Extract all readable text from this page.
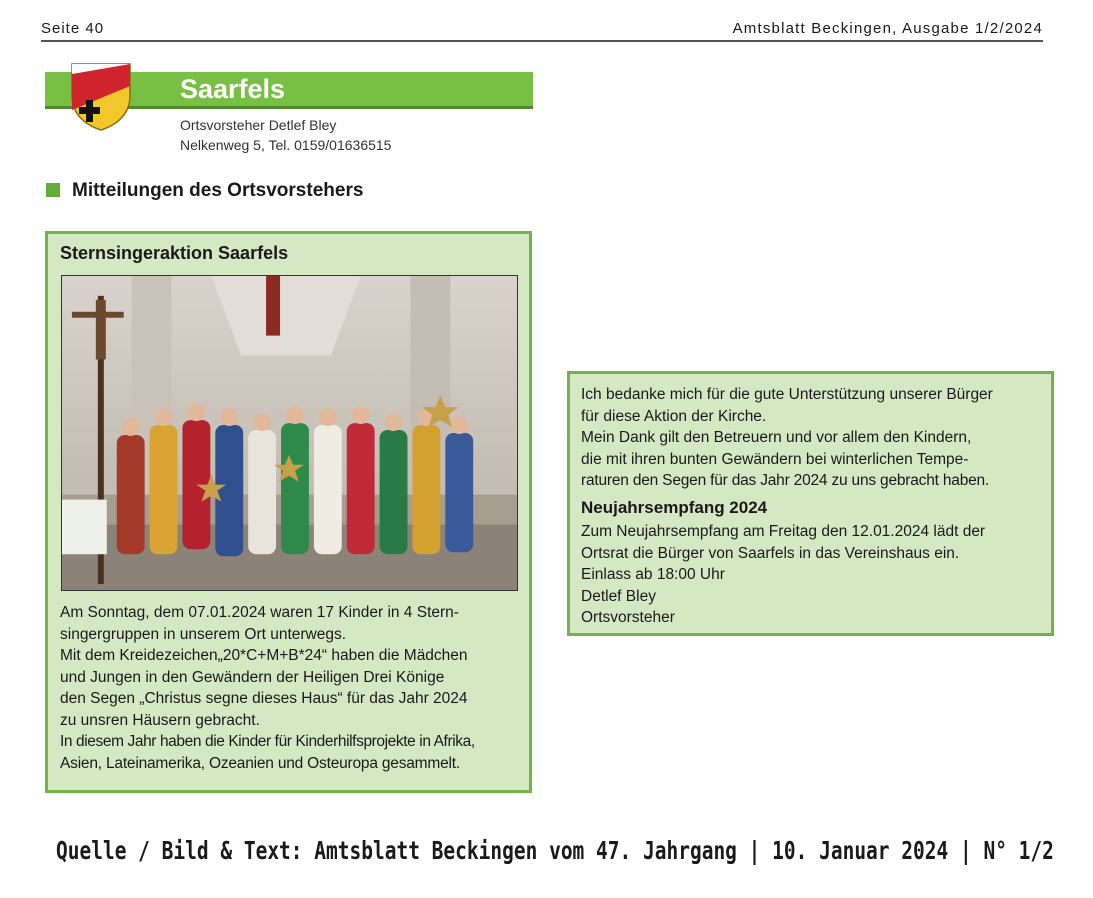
Seite 40	Amtsblatt Beckingen, Ausgabe 1/2/2024
Saarfels
Ortsvorsteher Detlef Bley
Nelkenweg 5, Tel. 0159/01636515
Mitteilungen des Ortsvorstehers
Sternsingeraktion Saarfels
Am Sonntag, dem 07.01.2024 waren 17 Kinder in 4 Stern-
singergruppen in unserem Ort unterwegs.
Mit dem Kreidezeichen„20*C+M+B*24“ haben die Mädchen
und Jungen in den Gewändern der Heiligen Drei Könige
den Segen „Christus segne dieses Haus“ für das Jahr 2024
zu unsren Häusern gebracht.
In diesem Jahr haben die Kinder für Kinderhilfsprojekte in Afrika,
Asien, Lateinamerika, Ozeanien und Osteuropa gesammelt.
Ich bedanke mich für die gute Unterstützung unserer Bürger
für diese Aktion der Kirche.
Mein Dank gilt den Betreuern und vor allem den Kindern,
die mit ihren bunten Gewändern bei winterlichen Tempe-
raturen den Segen für das Jahr 2024 zu uns gebracht haben.
Neujahrsempfang 2024
Zum Neujahrsempfang am Freitag den 12.01.2024 lädt der
Ortsrat die Bürger von Saarfels in das Vereinshaus ein.
Einlass ab 18:00 Uhr
Detlef Bley
Ortsvorsteher
Quelle / Bild & Text: Amtsblatt Beckingen vom 47. Jahrgang | 10. Januar 2024 | N° 1/2
